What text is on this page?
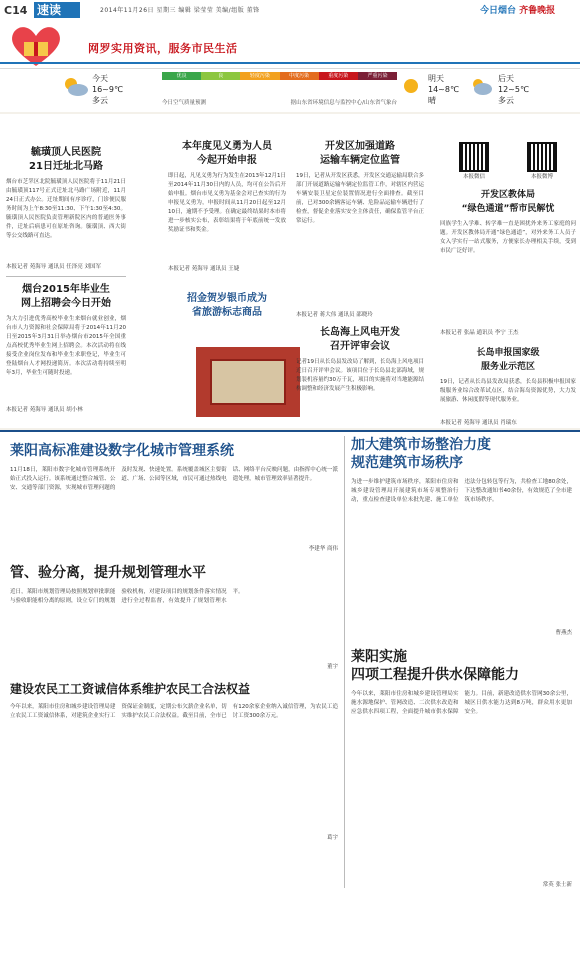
C14 速读	2014年11月26日 星期三 编辑 梁莹莹 美编/组版 董锋	今日烟台 齐鲁晚报
网罗实用资讯，服务市民生活
今天
16~9℃
多云
明天
14~8℃
晴
后天
12~5℃
多云
优良	良	轻度污染	中度污染	重度污染	严重污染
今日空气质量预测	据山东省环境信息与监控中心/山东省气象台
毓璜顶人民医院
21日迁址北马路
烟台市芝罘区北院毓璜顶人民医院将于11月21日由毓璜顶117号正式迁址北马路广场附近，11月24日正式办公。迁址期间有序诊疗，门诊便民服务时间为上午8:30至11:30、下午1:30至4:30。毓璜顶人民医院负责管理新院区内的普通医务事件，迁址后病患可在原址咨询。毓璜顶、西大街等公交线路可直达。
本报记者 苑海导 通讯员 任泽亮 刘国军
烟台2015年毕业生
网上招聘会今日开始
为大力引进优秀高校毕业生来烟台就业创业，烟台市人力资源和社会保障局将于2014年11月20日至2015年3月31日举办烟台市2015年全国重点高校优秀毕业生网上招聘会。本次活动将在线接受企业岗位发布和毕业生求职登记，毕业生可登陆烟台人才网投递简历。本次活动将持续至明年3月，毕业生可随时投递。
本报记者 苑海导 通讯员 胡小林
本年度见义勇为人员
今起开始申报
即日起，凡见义勇为行为发生在2013年12月1日至2014年11月30日内的人员，均可在公告后开始申报。烟台市见义勇为基金会对已查实的行为申报见义勇为，申报时间从11月20日起至12月10日，逾期不予受理。在确定最终结果时本市将进一步核实公布，表彰结果将于年底前统一发放奖励证书和奖金。
本报记者 苑海导 通讯员 王婕
招金贺岁银币成为
省旅游标志商品
开发区加强道路
运输车辆定位监管
19日，记者从开发区获悉，开发区交通运输局联合多部门开展道路运输车辆定位监管工作，对辖区内营运车辆安装卫星定位装置情况进行全面排查。截至目前，已对300余辆客运车辆、危险品运输车辆进行了检查，督促企业落实安全主体责任，确保监管平台正常运行。
本报记者 蒋大伟 通讯员 邵晓玲
长岛海上风电开发
召开评审会议
记者19日从长岛县发改局了解到，长岛海上风电项目近日召开评审会议。该项目位于长岛县北部海域，规划装机容量约30万千瓦，项目的实施将对当地能源结构调整和经济发展产生积极影响。
本报微信	本报微博
开发区教体局
“绿色通道”帮市民解忧
回族学生入学难、转学难一直是困扰外来务工家庭的问题。开发区教体局开通“绿色通道”，对外来务工人员子女入学实行一站式服务，方便家长办理相关手续，受到市民广泛好评。
本报记者 张晶 通讯员 李宁 王杰
长岛申报国家级
服务业示范区
19日，记者从长岛县发改局获悉，长岛县积极申报国家级服务业综合改革试点区，结合海岛资源优势，大力发展旅游、休闲度假等现代服务业。
本报记者 苑海导 通讯员 肖瑞东
莱阳高标准建设数字化城市管理系统
11月18日，莱阳市数字化城市管理系统开始正式投入运行。该系统通过整合城管、公安、交通等部门资源，实现城市管理问题的及时发现、快速处置。系统覆盖城区主要街道、广场、公园等区域，市民可通过热线电话、网络平台反映问题，由指挥中心统一派遣处理，城市管理效率显著提升。
李建华 商伟
管、验分离，提升规划管理水平
近日，莱阳市规划管理局按照规划审批职能与验收职能相分离的原则，设立专门的规划验收机构，对建设项目的规划条件落实情况进行全过程监督，有效提升了规划管理水平。
董宇
建设农民工工资诚信体系维护农民工合法权益
今年以来，莱阳市住房和城乡建设管理局建立农民工工资诚信体系，对建筑企业实行工资保证金制度，定期公布欠薪企业名单，切实维护农民工合法权益。截至目前，全市已有120余家企业纳入诚信管理，为农民工追讨工资300余万元。
葛宇
加大建筑市场整治力度
规范建筑市场秩序
为进一步维护建筑市场秩序，莱阳市住房和城乡建设管理局开展建筑市场专项整治行动，重点检查建设单位未批先建、施工单位违法分包转包等行为，共检查工地80余处，下达整改通知书40余份，有效规范了全市建筑市场秩序。
曹燕杰
莱阳实施
四项工程提升供水保障能力
今年以来，莱阳市住房和城乡建设管理局实施水源地保护、管网改造、二次供水改造和应急供水四项工程，全面提升城市供水保障能力。目前，新建改造供水管网30余公里，城区日供水能力达到8万吨，群众用水更加安全。
常英 张士新
